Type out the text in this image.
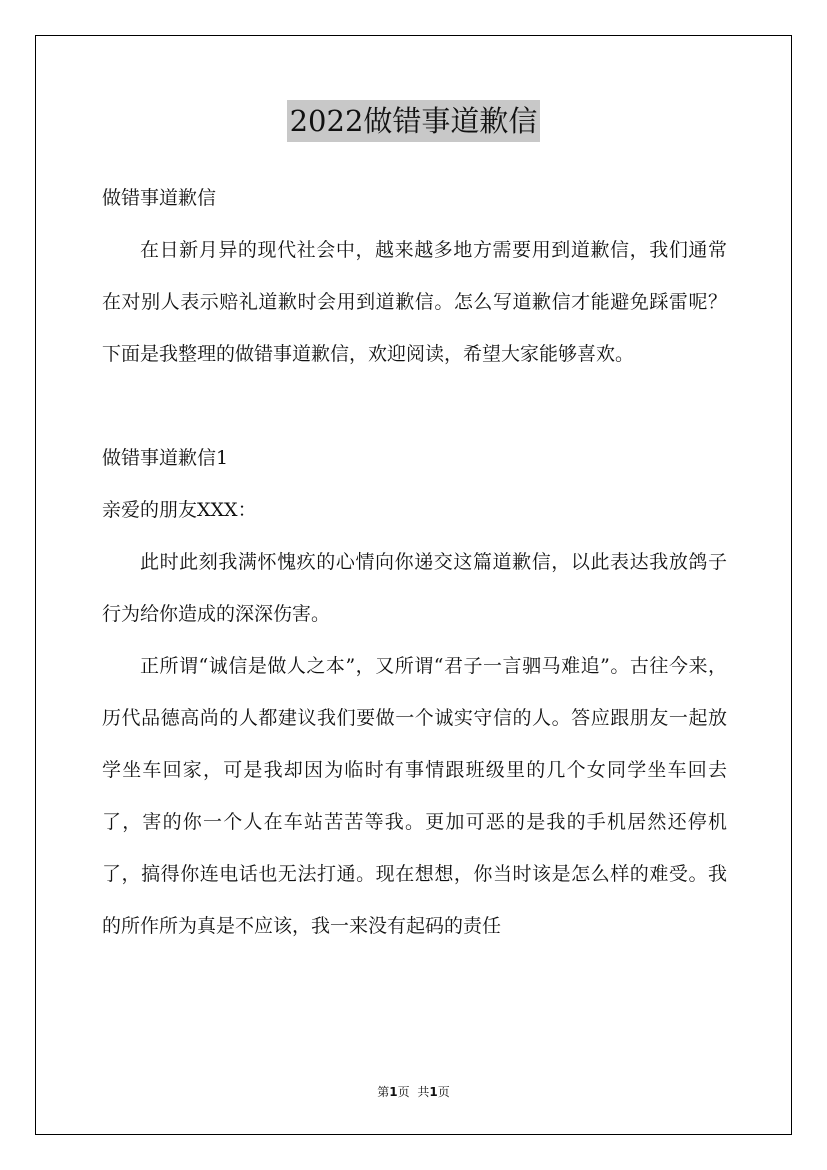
2022做错事道歉信

做错事道歉信

在日新月异的现代社会中，越来越多地方需要用到道歉信，我们通常在对别人表示赔礼道歉时会用到道歉信。怎么写道歉信才能避免踩雷呢？下面是我整理的做错事道歉信，欢迎阅读，希望大家能够喜欢。

做错事道歉信1

亲爱的朋友XXX：

此时此刻我满怀愧疚的心情向你递交这篇道歉信，以此表达我放鸽子行为给你造成的深深伤害。

正所谓“诚信是做人之本”，又所谓“君子一言驷马难追”。古往今来，历代品德高尚的人都建议我们要做一个诚实守信的人。答应跟朋友一起放学坐车回家，可是我却因为临时有事情跟班级里的几个女同学坐车回去了，害的你一个人在车站苦苦等我。更加可恶的是我的手机居然还停机了，搞得你连电话也无法打通。现在想想，你当时该是怎么样的难受。我的所作所为真是不应该，我一来没有起码的责任

第1页 共1页
